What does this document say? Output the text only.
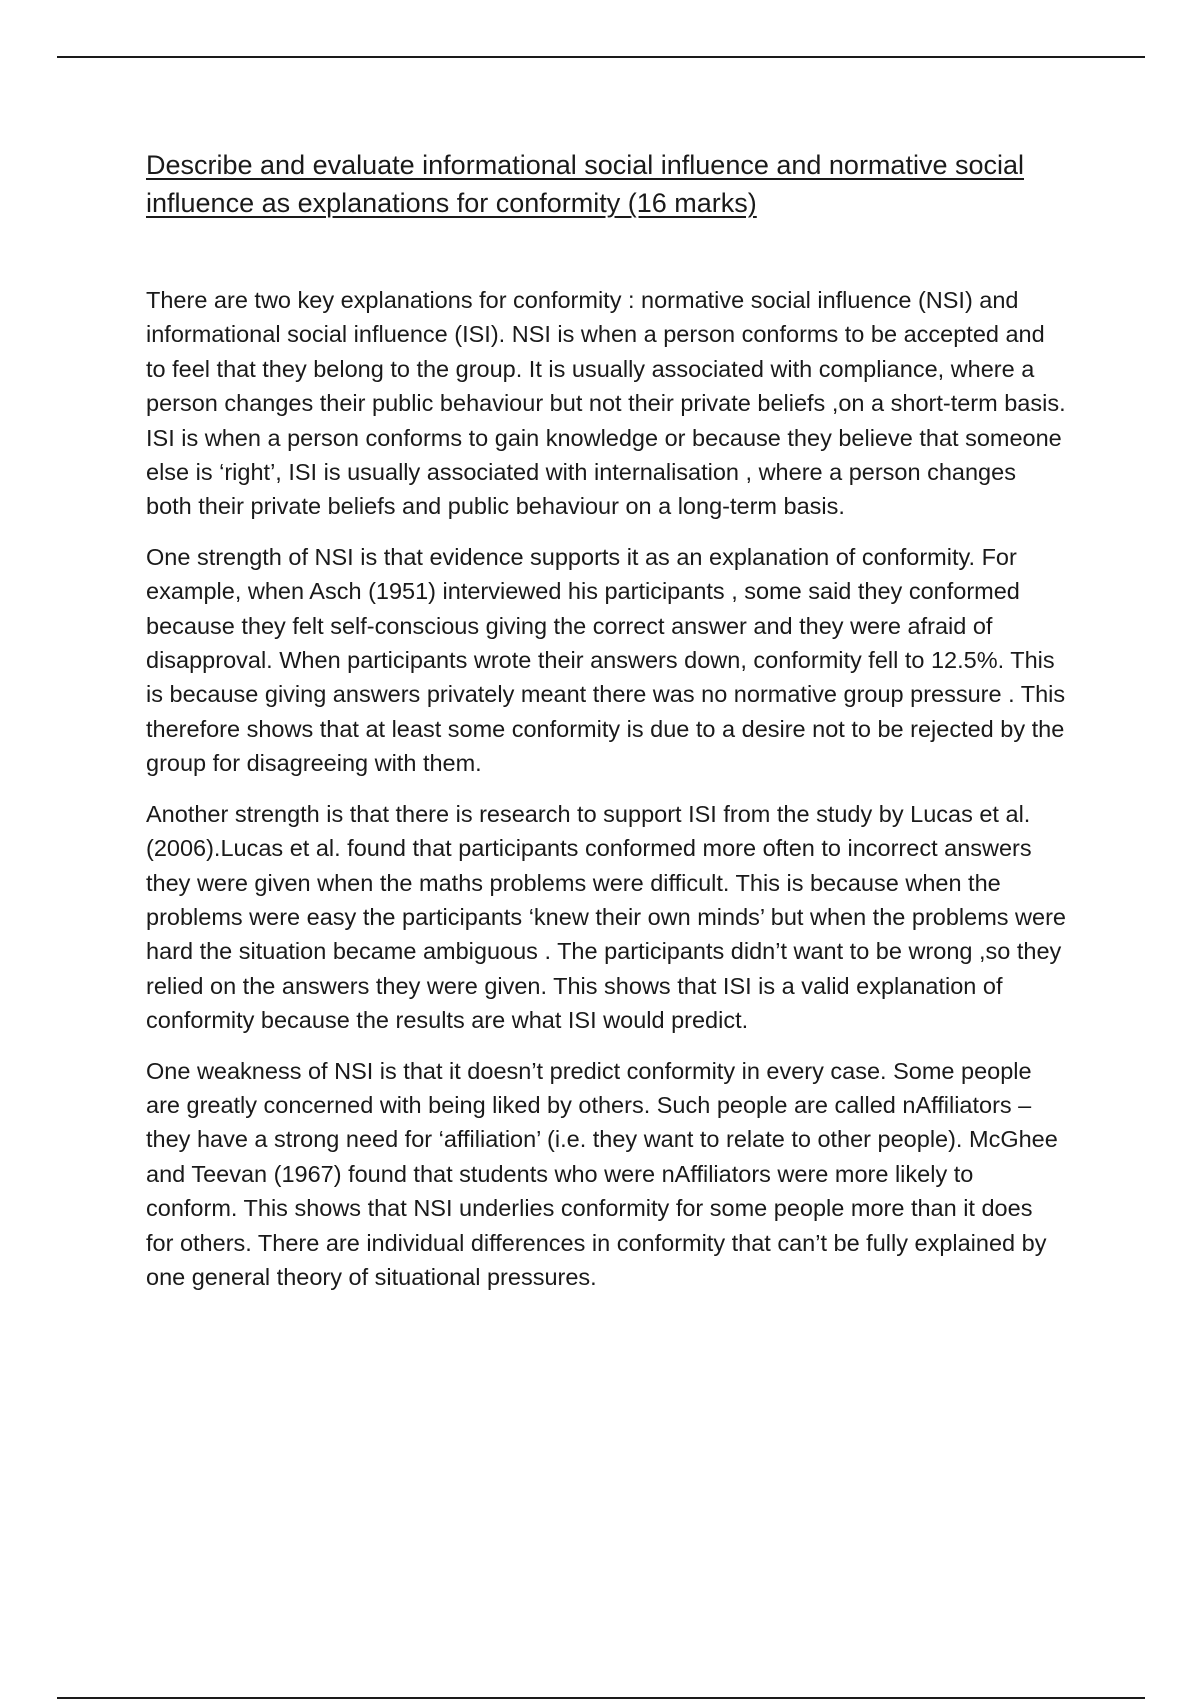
Describe and evaluate informational social influence and normative social influence as explanations for conformity (16 marks)

There are two key explanations for conformity : normative social influence (NSI) and informational social influence (ISI). NSI is when a person conforms to be accepted and to feel that they belong to the group. It is usually associated with compliance, where a person changes their public behaviour but not their private beliefs ,on a short-term basis. ISI is when a person conforms to gain knowledge or because they believe that someone else is ‘right’, ISI is usually associated with internalisation , where a person changes both their private beliefs and public behaviour on a long-term basis.

One strength of NSI is that evidence supports it as an explanation of conformity. For example, when Asch (1951) interviewed his participants , some said they conformed because they felt self-conscious giving the correct answer and they were afraid of disapproval. When participants wrote their answers down, conformity fell to 12.5%. This is because giving answers privately meant there was no normative group pressure . This therefore shows that at least some conformity is due to a desire not to be rejected by the group for disagreeing with them.

Another strength is that there is research to support ISI from the study by Lucas et al. (2006).Lucas et al. found that participants conformed more often to incorrect answers they were given when the maths problems were difficult. This is because when the problems were easy the participants ‘knew their own minds’ but when the problems were hard the situation became ambiguous . The participants didn’t want to be wrong ,so they relied on the answers they were given. This shows that ISI is a valid explanation of conformity because the results are what ISI would predict.

One weakness of NSI is that it doesn’t predict conformity in every case. Some people are greatly concerned with being liked by others. Such people are called nAffiliators – they have a strong need for ‘affiliation’ (i.e. they want to relate to other people). McGhee and Teevan (1967) found that students who were nAffiliators were more likely to conform. This shows that NSI underlies conformity for some people more than it does for others. There are individual differences in conformity that can’t be fully explained by one general theory of situational pressures.
